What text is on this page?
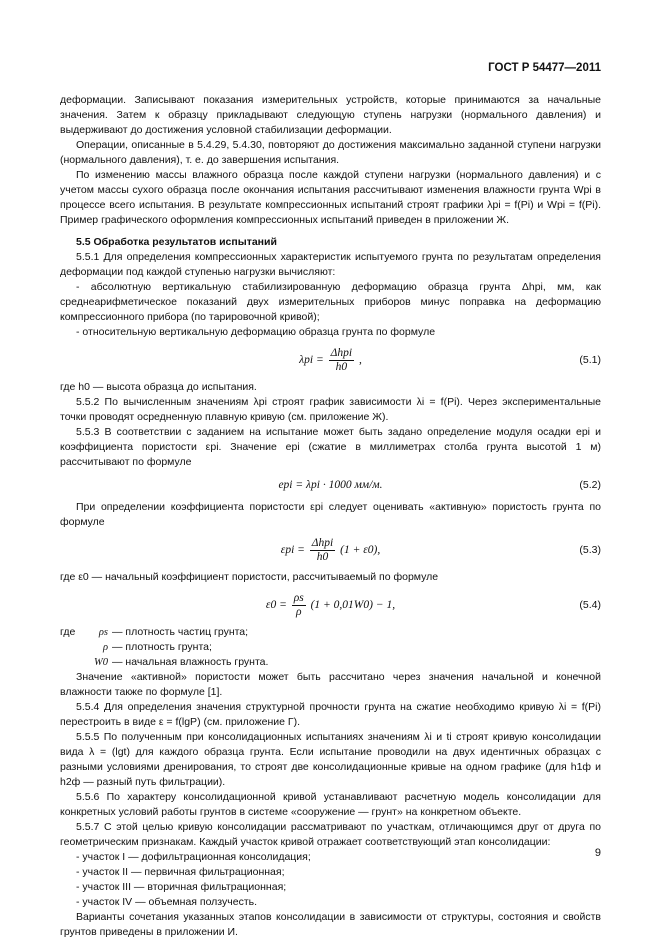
ГОСТ Р 54477—2011

деформации. Записывают показания измерительных устройств, которые принимаются за начальные значения. Затем к образцу прикладывают следующую ступень нагрузки (нормального давления) и выдерживают до достижения условной стабилизации деформации.

Операции, описанные в 5.4.29, 5.4.30, повторяют до достижения максимально заданной ступени нагрузки (нормального давления), т. е. до завершения испытания.

По изменению массы влажного образца после каждой ступени нагрузки (нормального давления) и с учетом массы сухого образца после окончания испытания рассчитывают изменения влажности грунта Wpi в процессе всего испытания. В результате компрессионных испытаний строят графики λpi = f(Pi) и Wpi = f(Pi). Пример графического оформления компрессионных испытаний приведен в приложении Ж.

5.5 Обработка результатов испытаний

5.5.1 Для определения компрессионных характеристик испытуемого грунта по результатам определения деформации под каждой ступенью нагрузки вычисляют:

- абсолютную вертикальную стабилизированную деформацию образца грунта Δhpi, мм, как среднеарифметическое показаний двух измерительных приборов минус поправка на деформацию компрессионного прибора (по тарировочной кривой);

- относительную вертикальную деформацию образца грунта по формуле

$\lambda pi = \frac{\text{Δhpi}}{h0}$ ,	(5.1)

где h0 — высота образца до испытания.

5.5.2 По вычисленным значениям λpi строят график зависимости λi = f(Pi). Через экспериментальные точки проводят осредненную плавную кривую (см. приложение Ж).

5.5.3 В соответствии с заданием на испытание может быть задано определение модуля осадки epi и коэффициента пористости εpi. Значение epi (сжатие в миллиметрах столба грунта высотой 1 м) рассчитывают по формуле

epi = λpi · 1000 мм/м.	(5.2)

При определении коэффициента пористости εpi следует оценивать «активную» пористость грунта по формуле

$\varepsilon pi = \frac{\text{Δhpi}}{h0} (1 + \varepsilon 0)$,	(5.3)

где ε0 — начальный коэффициент пористости, рассчитываемый по формуле

$\varepsilon 0 = \frac{\rho s}{\rho} (1 + 0,01W0) - 1$,	(5.4)
где	ρs — плотность частиц грунта;
ρ — плотность грунта;
W0 — начальная влажность грунта.

Значение «активной» пористости может быть рассчитано через значения начальной и конечной влажности также по формуле [1].

5.5.4 Для определения значения структурной прочности грунта на сжатие необходимо кривую λi = f(Pi) перестроить в виде ε = f(lgP) (см. приложение Г).

5.5.5 По полученным при консолидационных испытаниях значениям λi и ti строят кривую консолидации вида λ = (lgt) для каждого образца грунта. Если испытание проводили на двух идентичных образцах с разными условиями дренирования, то строят две консолидационные кривые на одном графике (для h1ф и h2ф — разный путь фильтрации).

5.5.6 По характеру консолидационной кривой устанавливают расчетную модель консолидации для конкретных условий работы грунтов в системе «сооружение — грунт» на конкретном объекте.

5.5.7 С этой целью кривую консолидации рассматривают по участкам, отличающимся друг от друга по геометрическим признакам. Каждый участок кривой отражает соответствующий этап консолидации:

- участок I — дофильтрационная консолидация;

- участок II — первичная фильтрационная;

- участок III — вторичная фильтрационная;

- участок IV — объемная ползучесть.

Варианты сочетания указанных этапов консолидации в зависимости от структуры, состояния и свойств грунтов приведены в приложении И.

9
